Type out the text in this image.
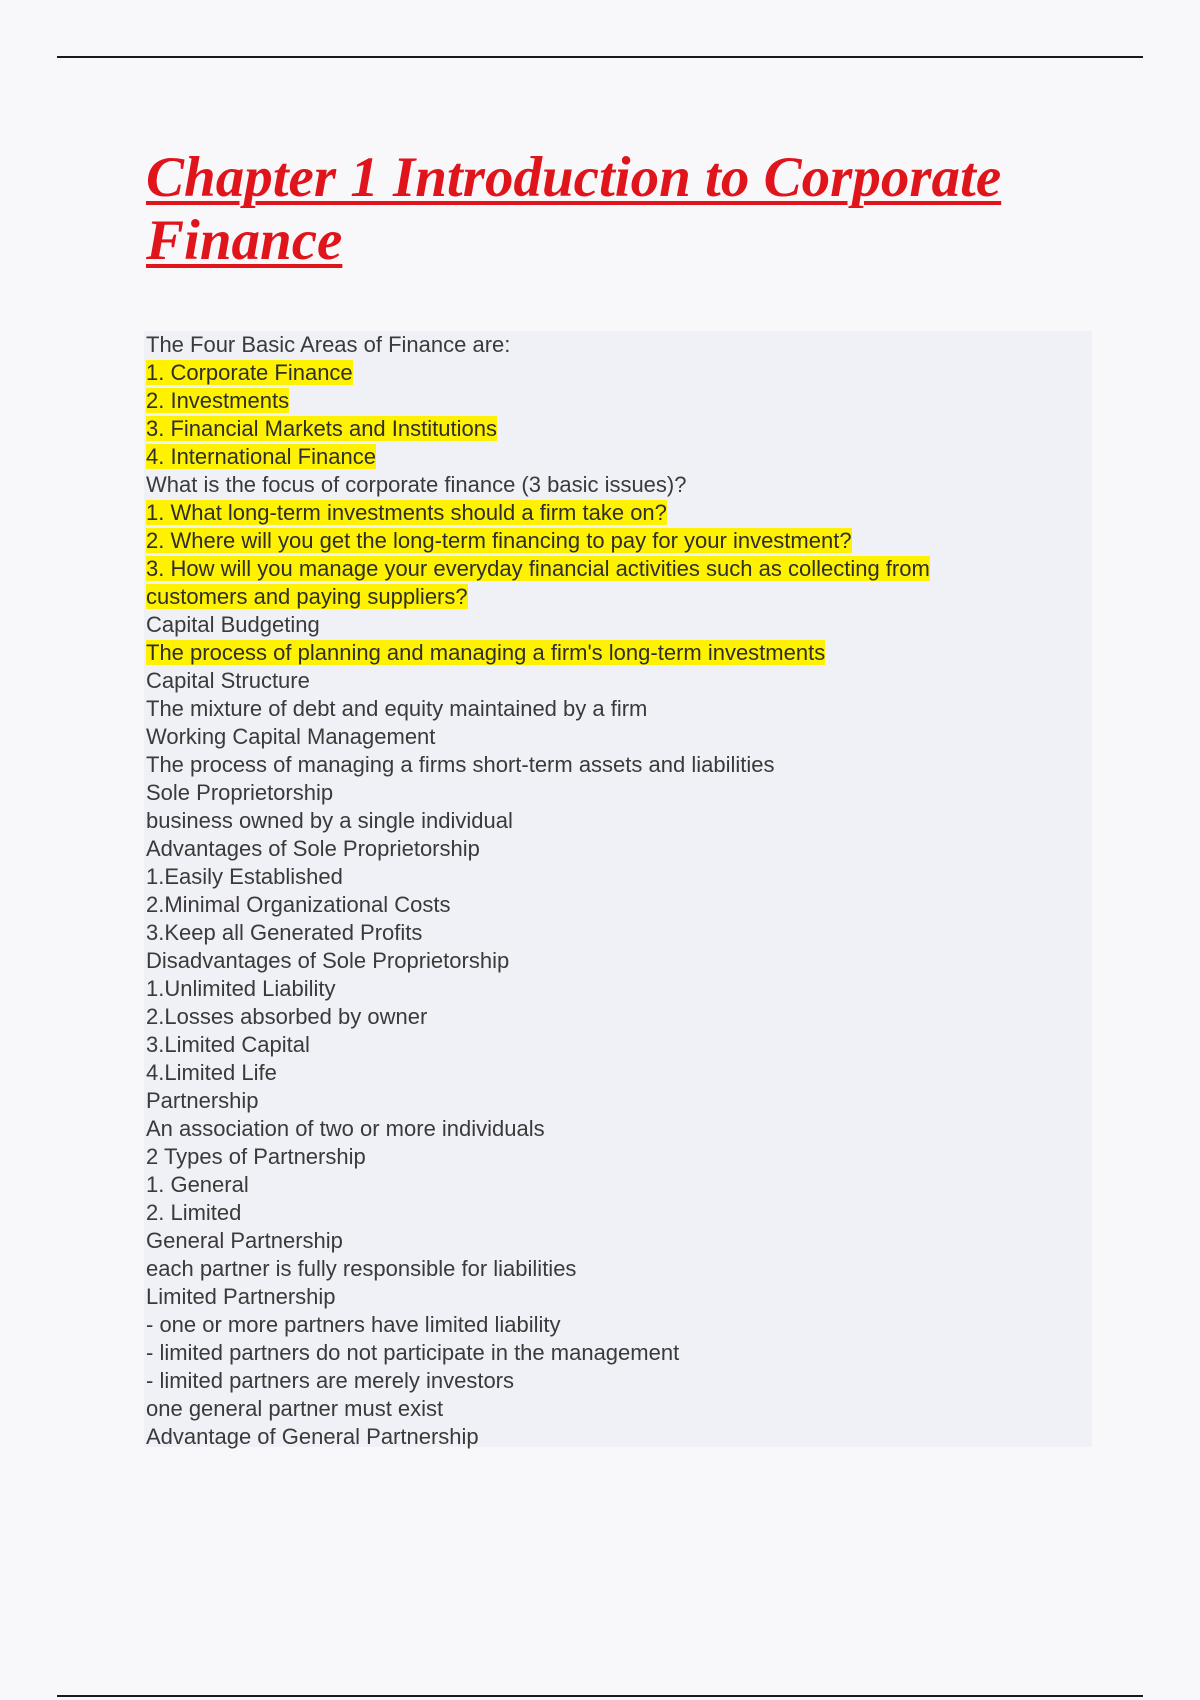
Chapter 1 Introduction to Corporate Finance
The Four Basic Areas of Finance are:
1. Corporate Finance
2. Investments
3. Financial Markets and Institutions
4. International Finance
What is the focus of corporate finance (3 basic issues)?
1. What long-term investments should a firm take on?
2. Where will you get the long-term financing to pay for your investment?
3. How will you manage your everyday financial activities such as collecting from
customers and paying suppliers?
Capital Budgeting
The process of planning and managing a firm's long-term investments
Capital Structure
The mixture of debt and equity maintained by a firm
Working Capital Management
The process of managing a firms short-term assets and liabilities
Sole Proprietorship
business owned by a single individual
Advantages of Sole Proprietorship
1.Easily Established
2.Minimal Organizational Costs
3.Keep all Generated Profits
Disadvantages of Sole Proprietorship
1.Unlimited Liability
2.Losses absorbed by owner
3.Limited Capital
4.Limited Life
Partnership
An association of two or more individuals
2 Types of Partnership
1. General
2. Limited
General Partnership
each partner is fully responsible for liabilities
Limited Partnership
- one or more partners have limited liability
- limited partners do not participate in the management
- limited partners are merely investors
one general partner must exist
Advantage of General Partnership
